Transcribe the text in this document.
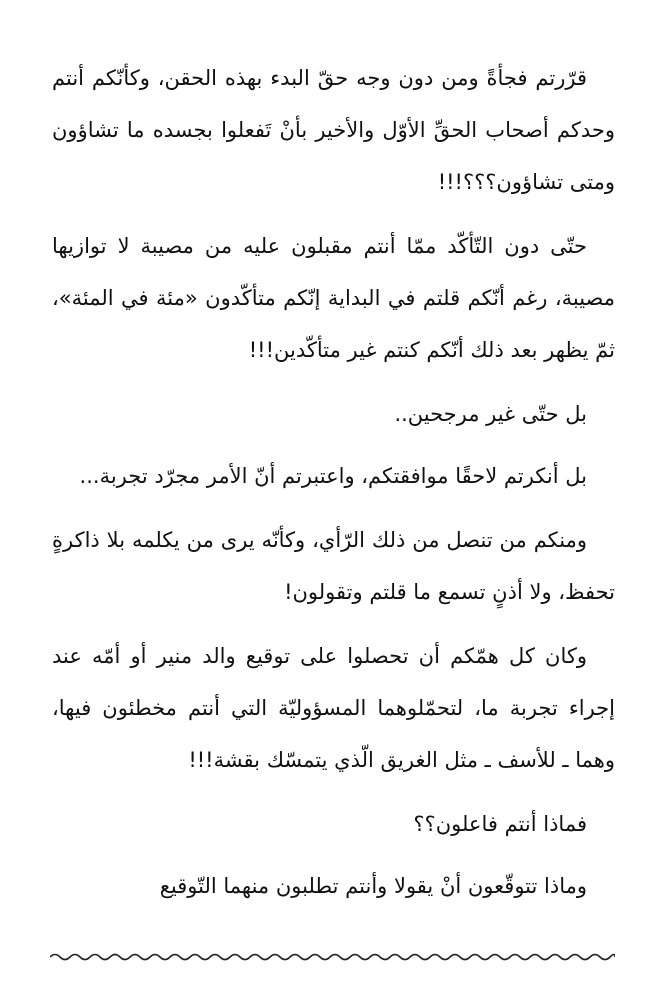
قرّرتم فجأةً ومن دون وجه حقّ البدء بهذه الحقن، وكأنّكم أنتم وحدكم أصحاب الحقِّ الأوّل والأخير بأنْ تَفعلوا بجسده ما تشاؤون ومتى تشاؤون؟؟؟!!!

حتّى دون التّأكّد ممّا أنتم مقبلون عليه من مصيبة لا توازيها مصيبة، رغم أنّكم قلتم في البداية إنّكم متأكّدون «مئة في المئة»، ثمّ يظهر بعد ذلك أنّكم كنتم غير متأكّدين!!!

بل حتّى غير مرجحين..

بل أنكرتم لاحقًا موافقتكم، واعتبرتم أنّ الأمر مجرّد تجربة...

ومنكم من تنصل من ذلك الرّأي، وكأنّه يرى من يكلمه بلا ذاكرةٍ تحفظ، ولا أذنٍ تسمع ما قلتم وتقولون!

وكان كل همّكم أن تحصلوا على توقيع والد منير أو أمّه عند إجراء تجربة ما، لتحمّلوهما المسؤوليّة التي أنتم مخطئون فيها، وهما ـ للأسف ـ مثل الغريق الّذي يتمسّك بقشة!!!

فماذا أنتم فاعلون؟؟

وماذا تتوقّعون أنْ يقولا وأنتم تطلبون منهما التّوقيع
